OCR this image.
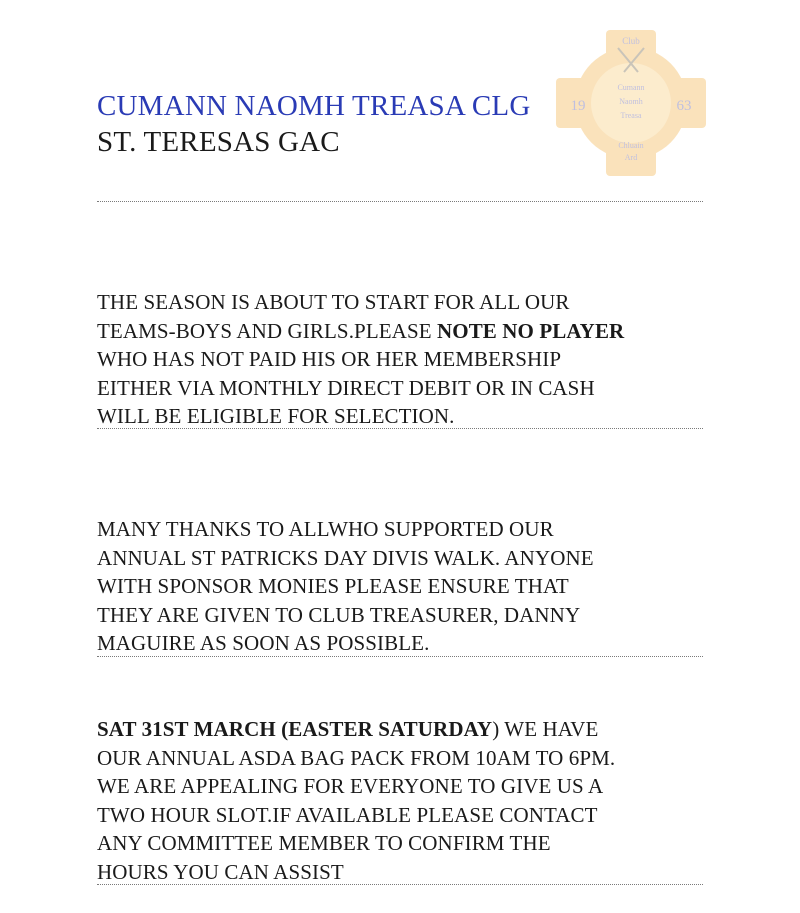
Club
19	63
Cumann
Naomh
Treasa
Chluain
Ard
CUMANN NAOMH TREASA CLG
ST. TERESAS GAC
THE SEASON IS ABOUT TO START FOR ALL OUR
TEAMS-BOYS AND GIRLS.PLEASE NOTE NO PLAYER
WHO HAS NOT PAID HIS OR HER MEMBERSHIP
EITHER VIA MONTHLY DIRECT DEBIT OR IN CASH
WILL BE ELIGIBLE FOR SELECTION.
MANY THANKS TO ALLWHO SUPPORTED OUR
ANNUAL ST PATRICKS DAY DIVIS WALK. ANYONE
WITH SPONSOR MONIES PLEASE ENSURE THAT
THEY ARE GIVEN TO CLUB TREASURER, DANNY
MAGUIRE AS SOON AS POSSIBLE.
SAT 31ST MARCH (EASTER SATURDAY) WE HAVE
OUR ANNUAL ASDA BAG PACK FROM 10AM TO 6PM.
WE ARE APPEALING FOR EVERYONE TO GIVE US A
TWO HOUR SLOT.IF AVAILABLE PLEASE CONTACT
ANY COMMITTEE MEMBER TO CONFIRM THE
HOURS YOU CAN ASSIST
